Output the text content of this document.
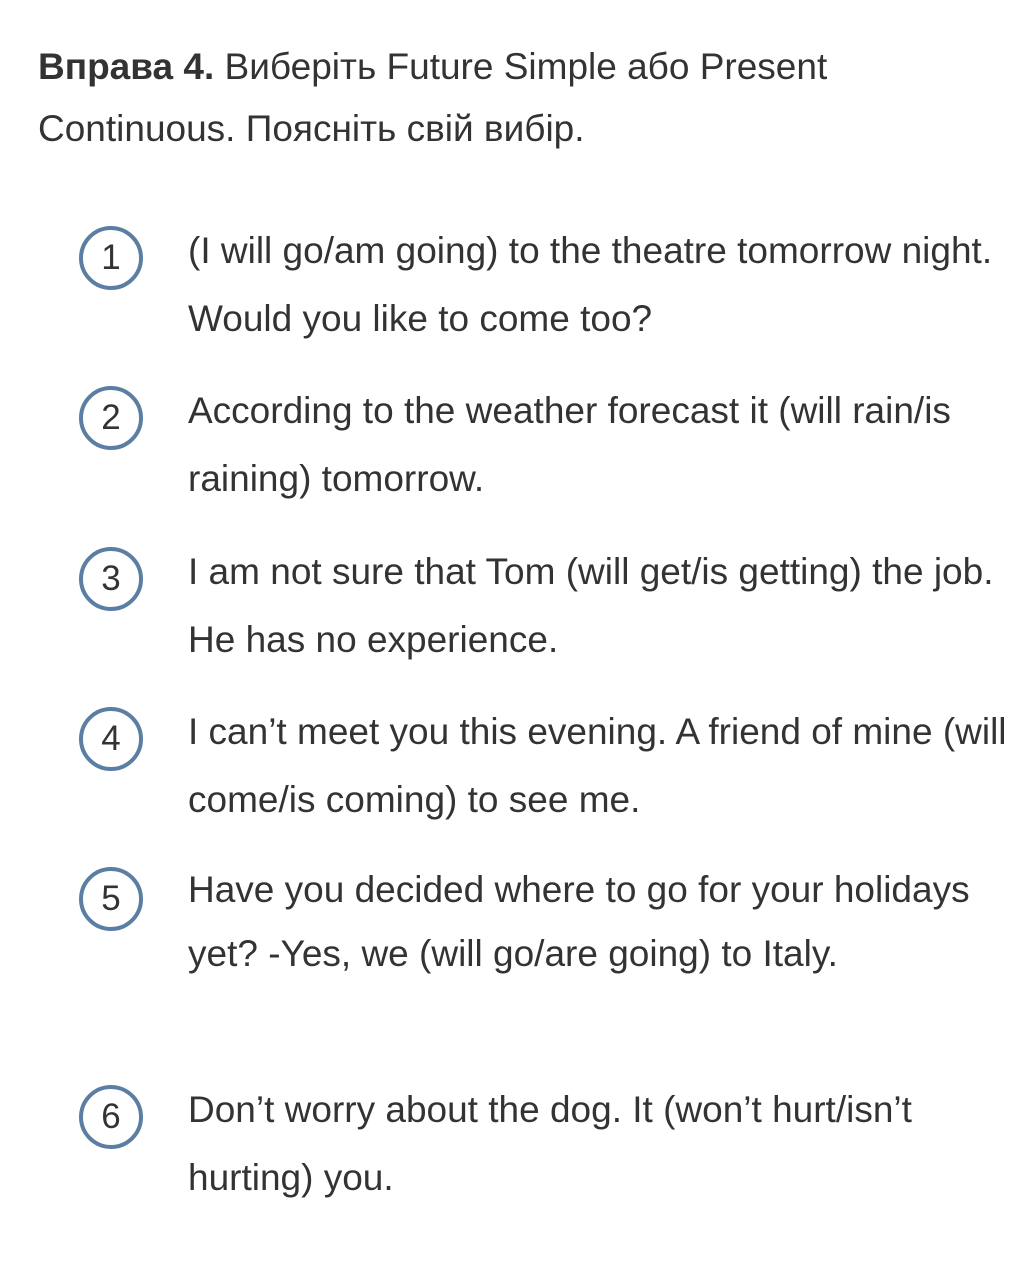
Вправа 4. Виберіть Future Simple або Present Continuous. Поясніть свій вибір.

1	(I will go/am going) to the theatre tomorrow night. Would you like to come too?
2	According to the weather forecast it (will rain/is raining) tomorrow.
3	I am not sure that Tom (will get/is getting) the job. He has no experience.
4	I can’t meet you this evening. A friend of mine (will come/is coming) to see me.
5	Have you decided where to go for your holidays yet? -Yes, we (will go/are going) to Italy.
6	Don’t worry about the dog. It (won’t hurt/isn’t hurting) you.
